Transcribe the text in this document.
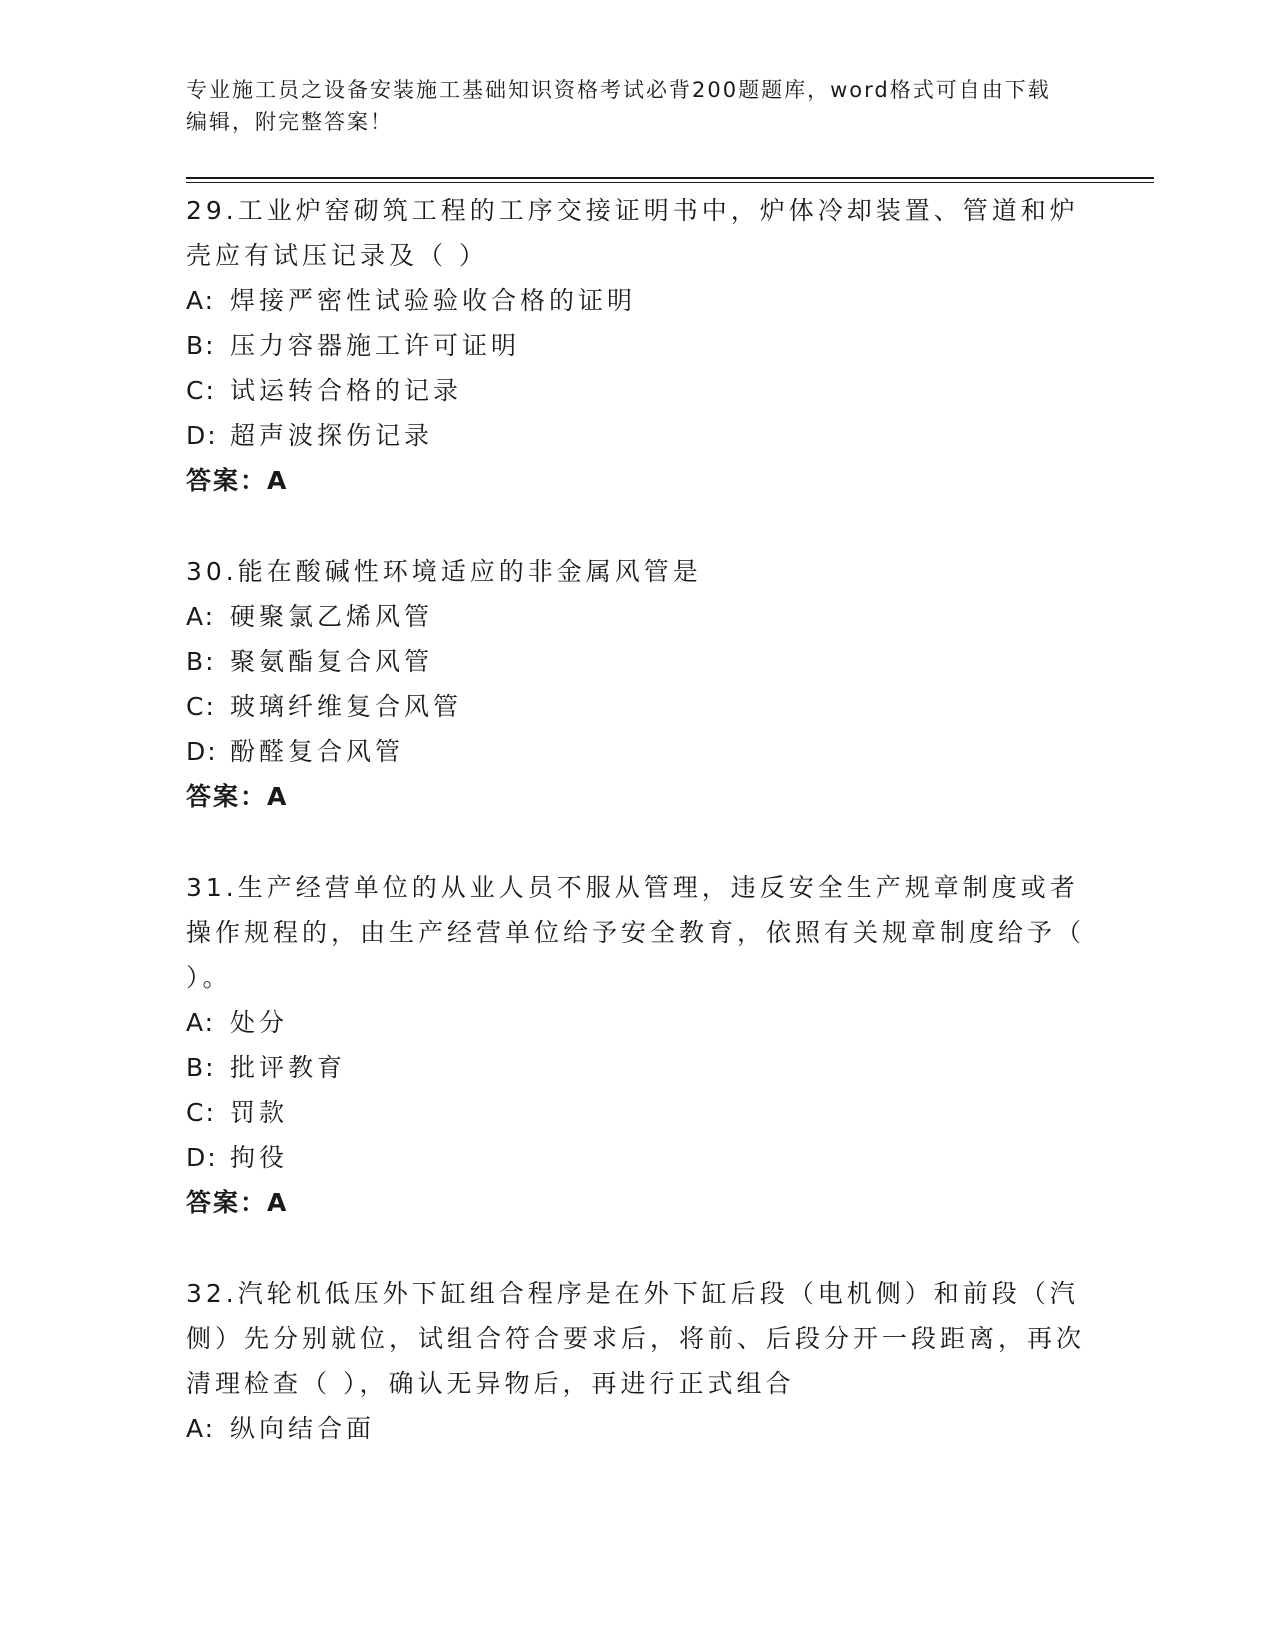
专业施工员之设备安装施工基础知识资格考试必背200题题库，word格式可自由下载编辑，附完整答案！

29.工业炉窑砌筑工程的工序交接证明书中，炉体冷却装置、管道和炉壳应有试压记录及（ ）

A: 焊接严密性试验验收合格的证明

B: 压力容器施工许可证明

C: 试运转合格的记录

D: 超声波探伤记录

答案：A

30.能在酸碱性环境适应的非金属风管是

A: 硬聚氯乙烯风管

B: 聚氨酯复合风管

C: 玻璃纤维复合风管

D: 酚醛复合风管

答案：A

31.生产经营单位的从业人员不服从管理，违反安全生产规章制度或者操作规程的，由生产经营单位给予安全教育，依照有关规章制度给予（ ）。

A: 处分

B: 批评教育

C: 罚款

D: 拘役

答案：A

32.汽轮机低压外下缸组合程序是在外下缸后段（电机侧）和前段（汽侧）先分别就位，试组合符合要求后，将前、后段分开一段距离，再次清理检查（ ），确认无异物后，再进行正式组合

A: 纵向结合面
